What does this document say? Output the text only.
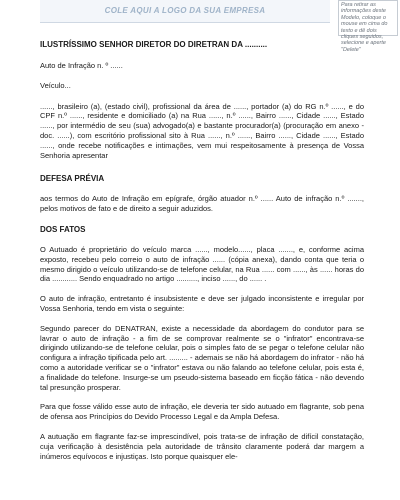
COLE AQUI A LOGO DA SUA EMPRESA
Para retirar as informações deste Modelo, coloque o mouse em cima do texto e dê dois cliques seguidos, selecione e aperte "Delete"

ILUSTRÍSSIMO SENHOR DIRETOR DO DIRETRAN DA ..........

Auto de Infração n. º ......

Veículo...

......, brasileiro (a), (estado civil), profissional da área de ......, portador (a) do RG n.º ......, e do CPF n.º ......, residente e domiciliado (a) na Rua ......, n.º ......, Bairro ......, Cidade ......, Estado ......, por intermédio de seu (sua) advogado(a) e bastante procurador(a) (procuração em anexo - doc. ......), com escritório profissional sito à Rua ......, n.º ......, Bairro ......, Cidade ......, Estado ......, onde recebe notificações e intimações, vem mui respeitosamente à presença de Vossa Senhoria apresentar

DEFESA PRÉVIA

aos termos do Auto de Infração em epígrafe, órgão atuador n.º ...... Auto de infração n.º ......., pelos motivos de fato e de direito a seguir aduzidos.

DOS FATOS

O Autuado é proprietário do veículo marca ......, modelo......, placa ......., e, conforme acima exposto, recebeu pelo correio o auto de infração ...... (cópia anexa), dando conta que teria o mesmo dirigido o veículo utilizando-se de telefone celular, na Rua ...... com ......, às ...... horas do dia ............ Sendo enquadrado no artigo .........., inciso ......, do ...... .

O auto de infração, entretanto é insubsistente e deve ser julgado inconsistente e irregular por Vossa Senhoria, tendo em vista o seguinte:

Segundo parecer do DENATRAN, existe a necessidade da abordagem do condutor para se lavrar o auto de infração - a fim de se comprovar realmente se o "infrator" encontrava-se dirigindo utilizando-se de telefone celular, pois o simples fato de se pegar o telefone celular não configura a infração tipificada pelo art. ......... - ademais se não há abordagem do infrator - não há como a autoridade verificar se o "infrator" estava ou não falando ao telefone celular, pois esta é, a finalidade do telefone. Insurge-se um pseudo-sistema baseado em ficção fática - não devendo tal presunção prosperar.

Para que fosse válido esse auto de infração, ele deveria ter sido autuado em flagrante, sob pena de ofensa aos Princípios do Devido Processo Legal e da Ampla Defesa.

A autuação em flagrante faz-se imprescindível, pois trata-se de infração de difícil constatação, cuja verificação à desistência pela autoridade de trânsito claramente poderá dar margem a inúmeros equívocos e injustiças. Isto porque quaisquer ele-
